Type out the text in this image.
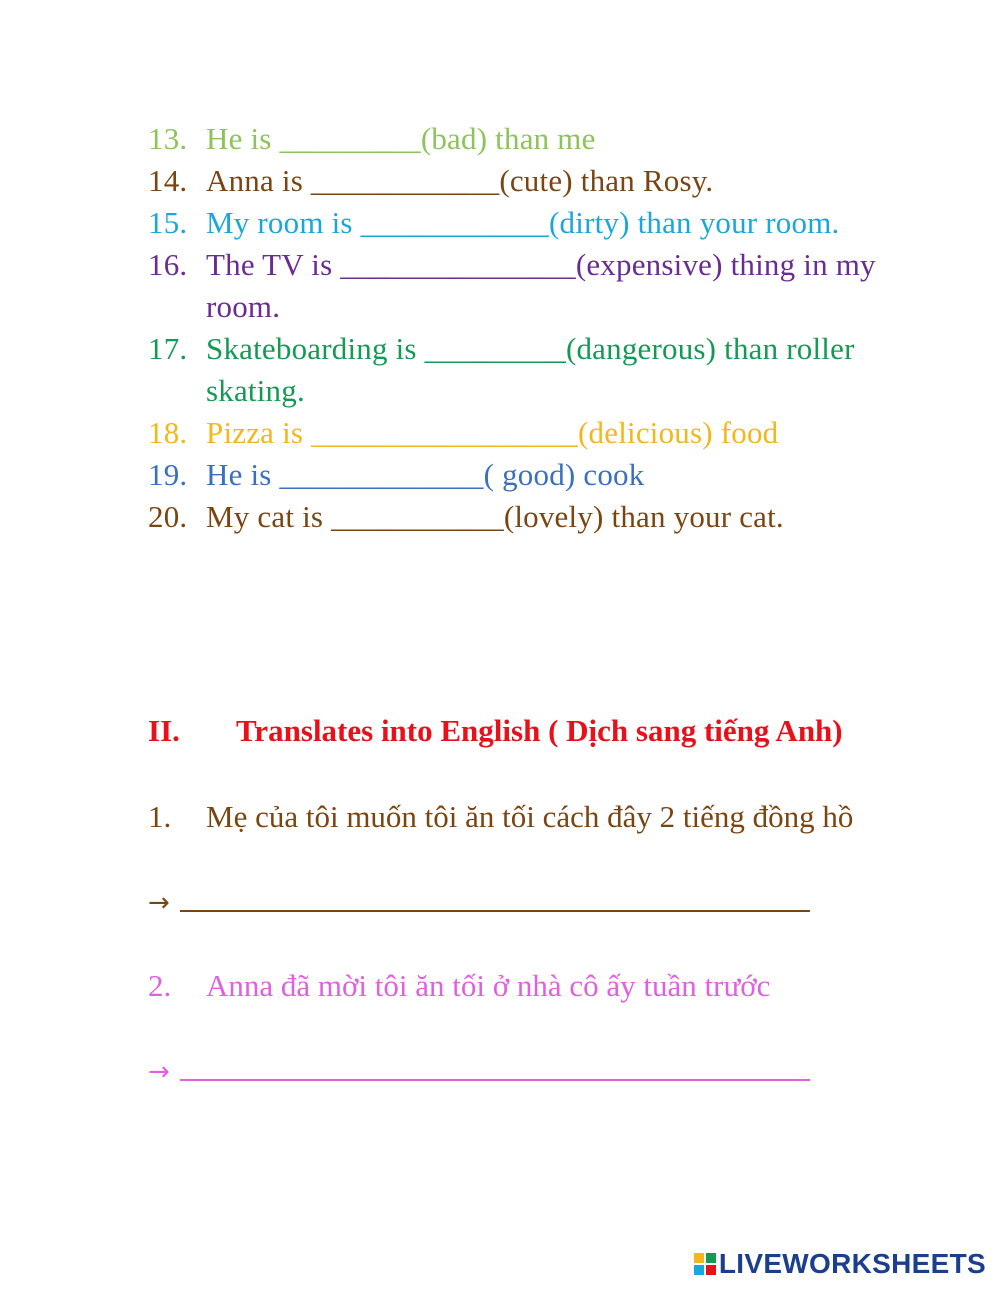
13. He is _________(bad) than me
14. Anna is ____________(cute) than Rosy.
15. My room is ____________(dirty) than your room.
16. The TV is _______________(expensive) thing in my room.
17. Skateboarding is _________(dangerous) than roller skating.
18. Pizza is _________________(delicious) food
19. He is _____________( good) cook
20. My cat is ___________(lovely) than your cat.
II.	Translates into English ( Dịch sang tiếng Anh)
1.	Mẹ của tôi muốn tôi ăn tối cách đây 2 tiếng đồng hồ
→
2.	Anna đã mời tôi ăn tối ở nhà cô ấy tuần trước
→
LIVEWORKSHEETS
